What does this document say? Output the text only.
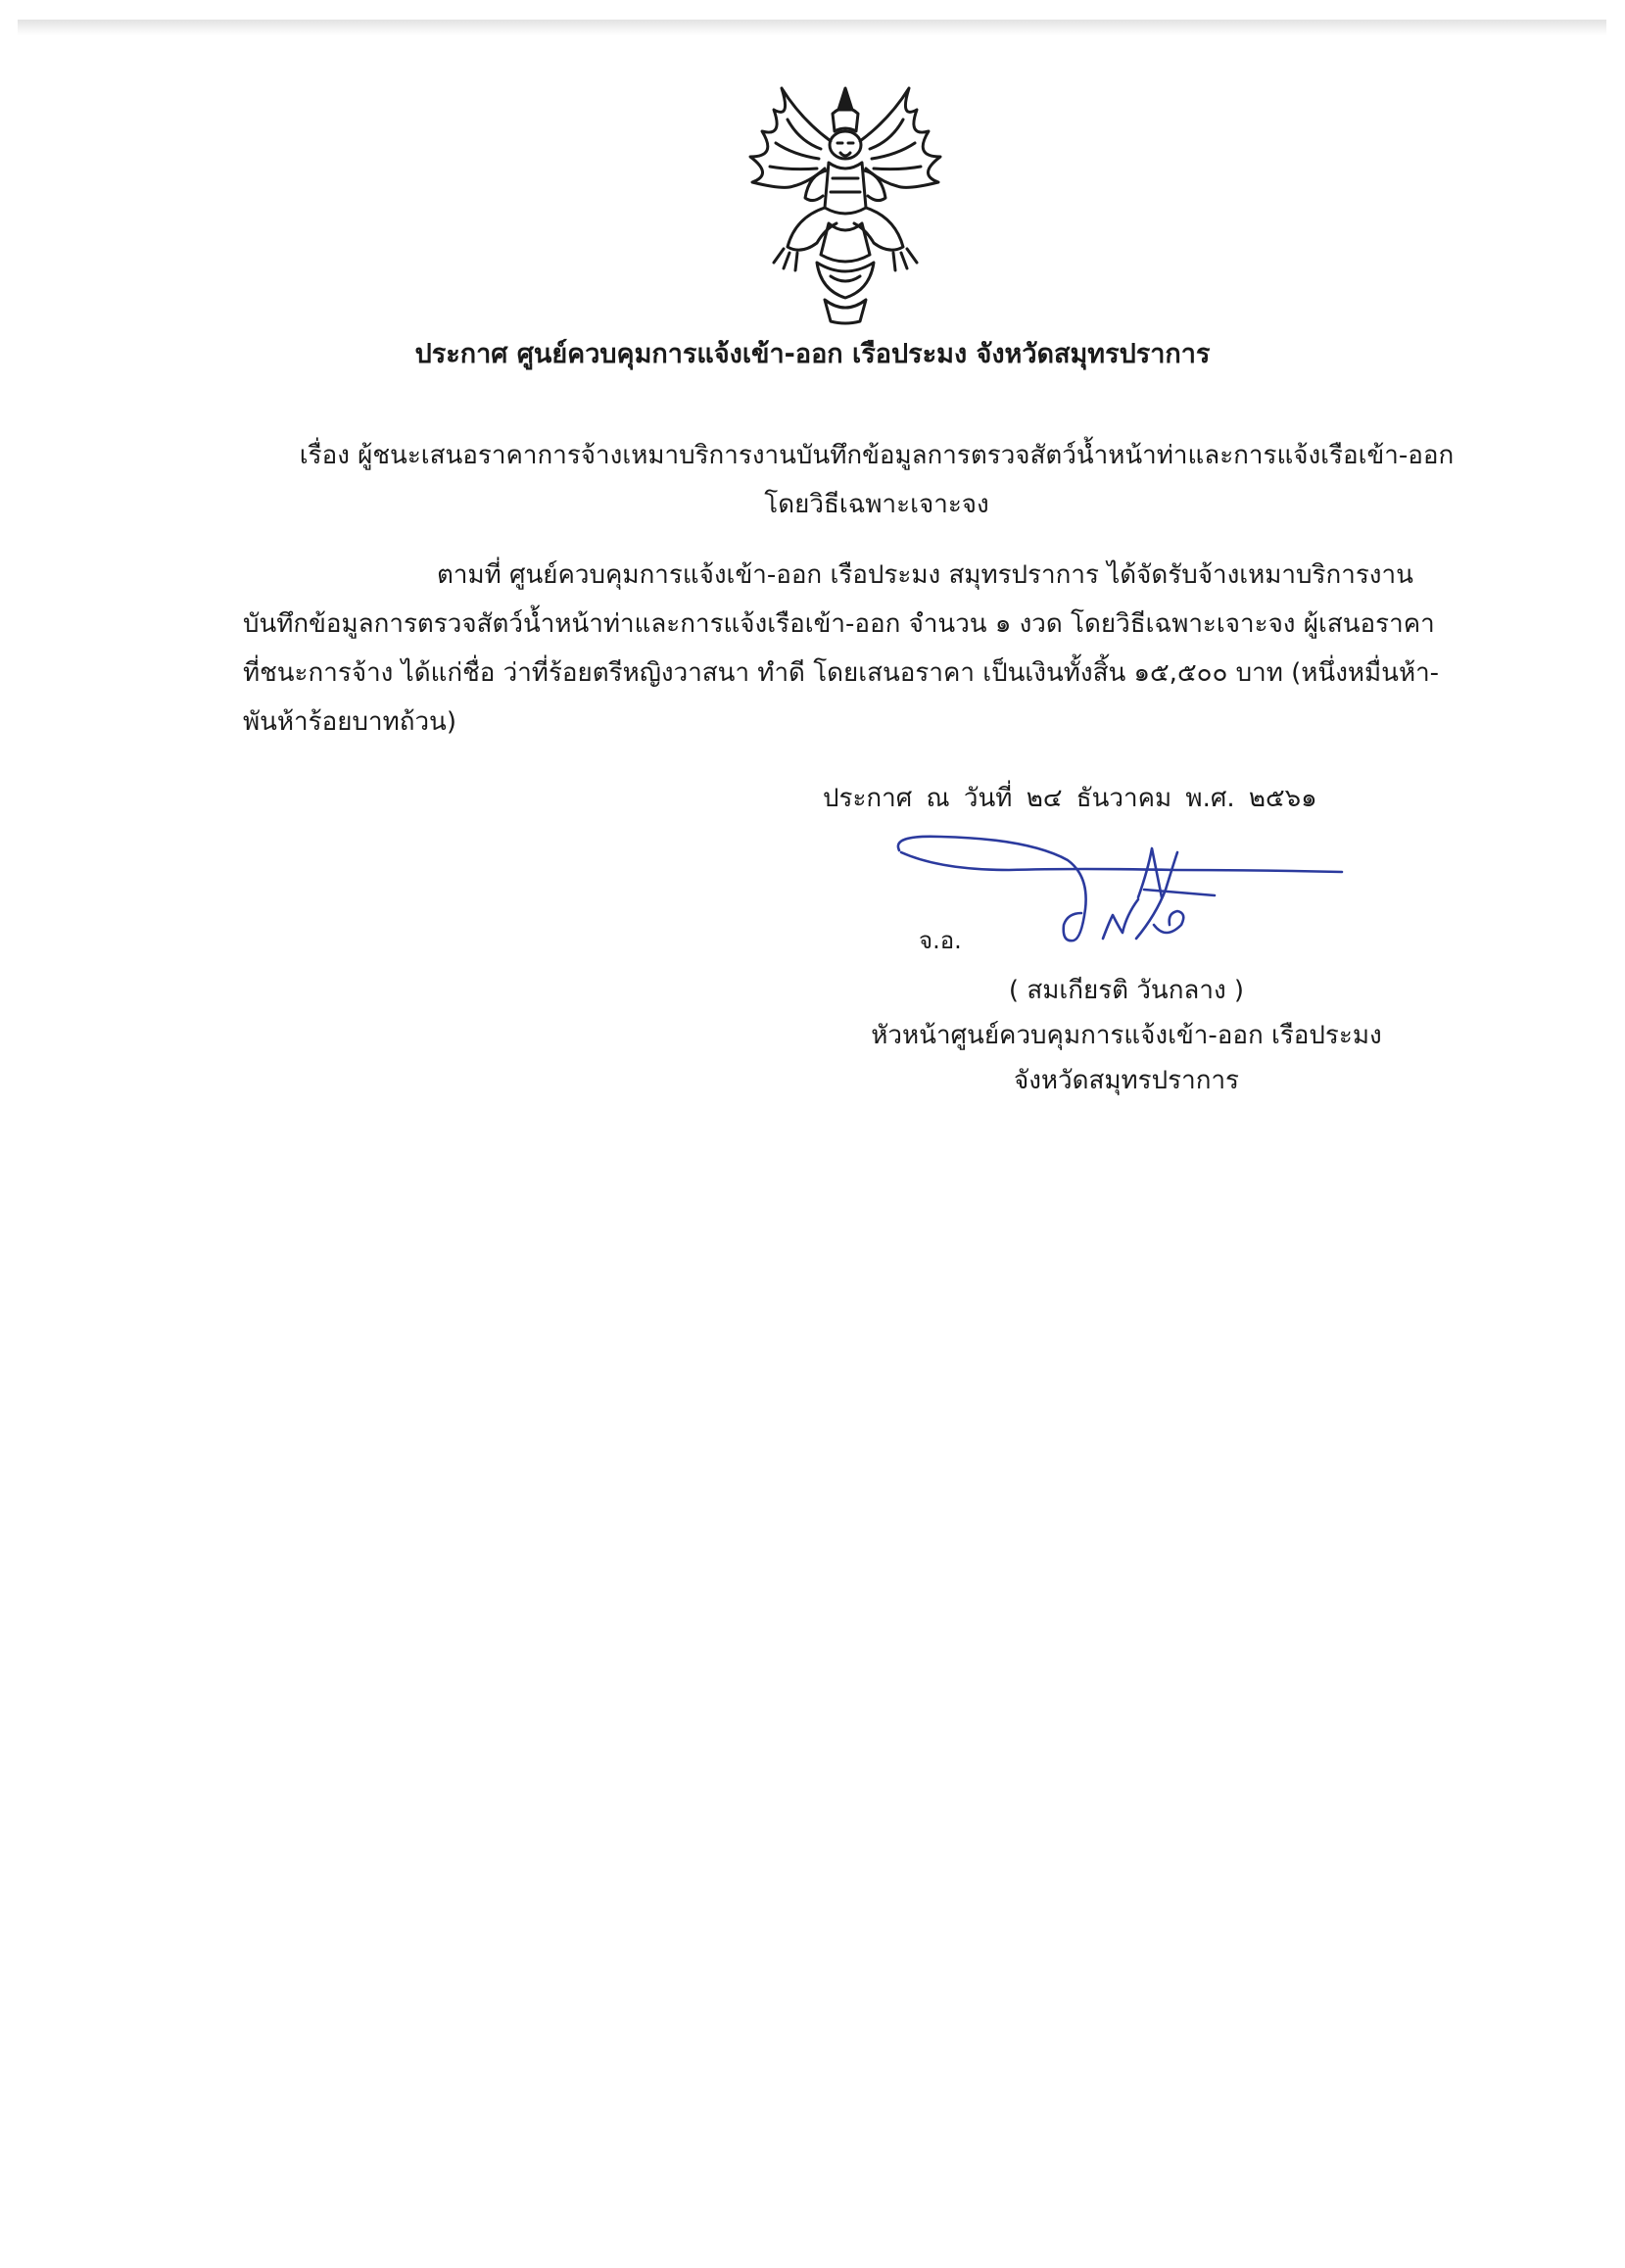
ประกาศ ศูนย์ควบคุมการแจ้งเข้า-ออก เรือประมง จังหวัดสมุทรปราการ

เรื่อง ผู้ชนะเสนอราคาการจ้างเหมาบริการงานบันทึกข้อมูลการตรวจสัตว์น้ำหน้าท่าและการแจ้งเรือเข้า-ออก

โดยวิธีเฉพาะเจาะจง

ตามที่ ศูนย์ควบคุมการแจ้งเข้า-ออก เรือประมง สมุทรปราการ ได้จัดรับจ้างเหมาบริการงาน

บันทึกข้อมูลการตรวจสัตว์น้ำหน้าท่าและการแจ้งเรือเข้า-ออก จำนวน ๑ งวด โดยวิธีเฉพาะเจาะจง ผู้เสนอราคา

ที่ชนะการจ้าง ได้แก่ชื่อ ว่าที่ร้อยตรีหญิงวาสนา ทำดี โดยเสนอราคา เป็นเงินทั้งสิ้น ๑๕,๕๐๐ บาท (หนึ่งหมื่นห้า-

พันห้าร้อยบาทถ้วน)

ประกาศ ณ วันที่ ๒๔ ธันวาคม พ.ศ. ๒๕๖๑
จ.อ.

( สมเกียรติ วันกลาง )

หัวหน้าศูนย์ควบคุมการแจ้งเข้า-ออก เรือประมง

จังหวัดสมุทรปราการ
